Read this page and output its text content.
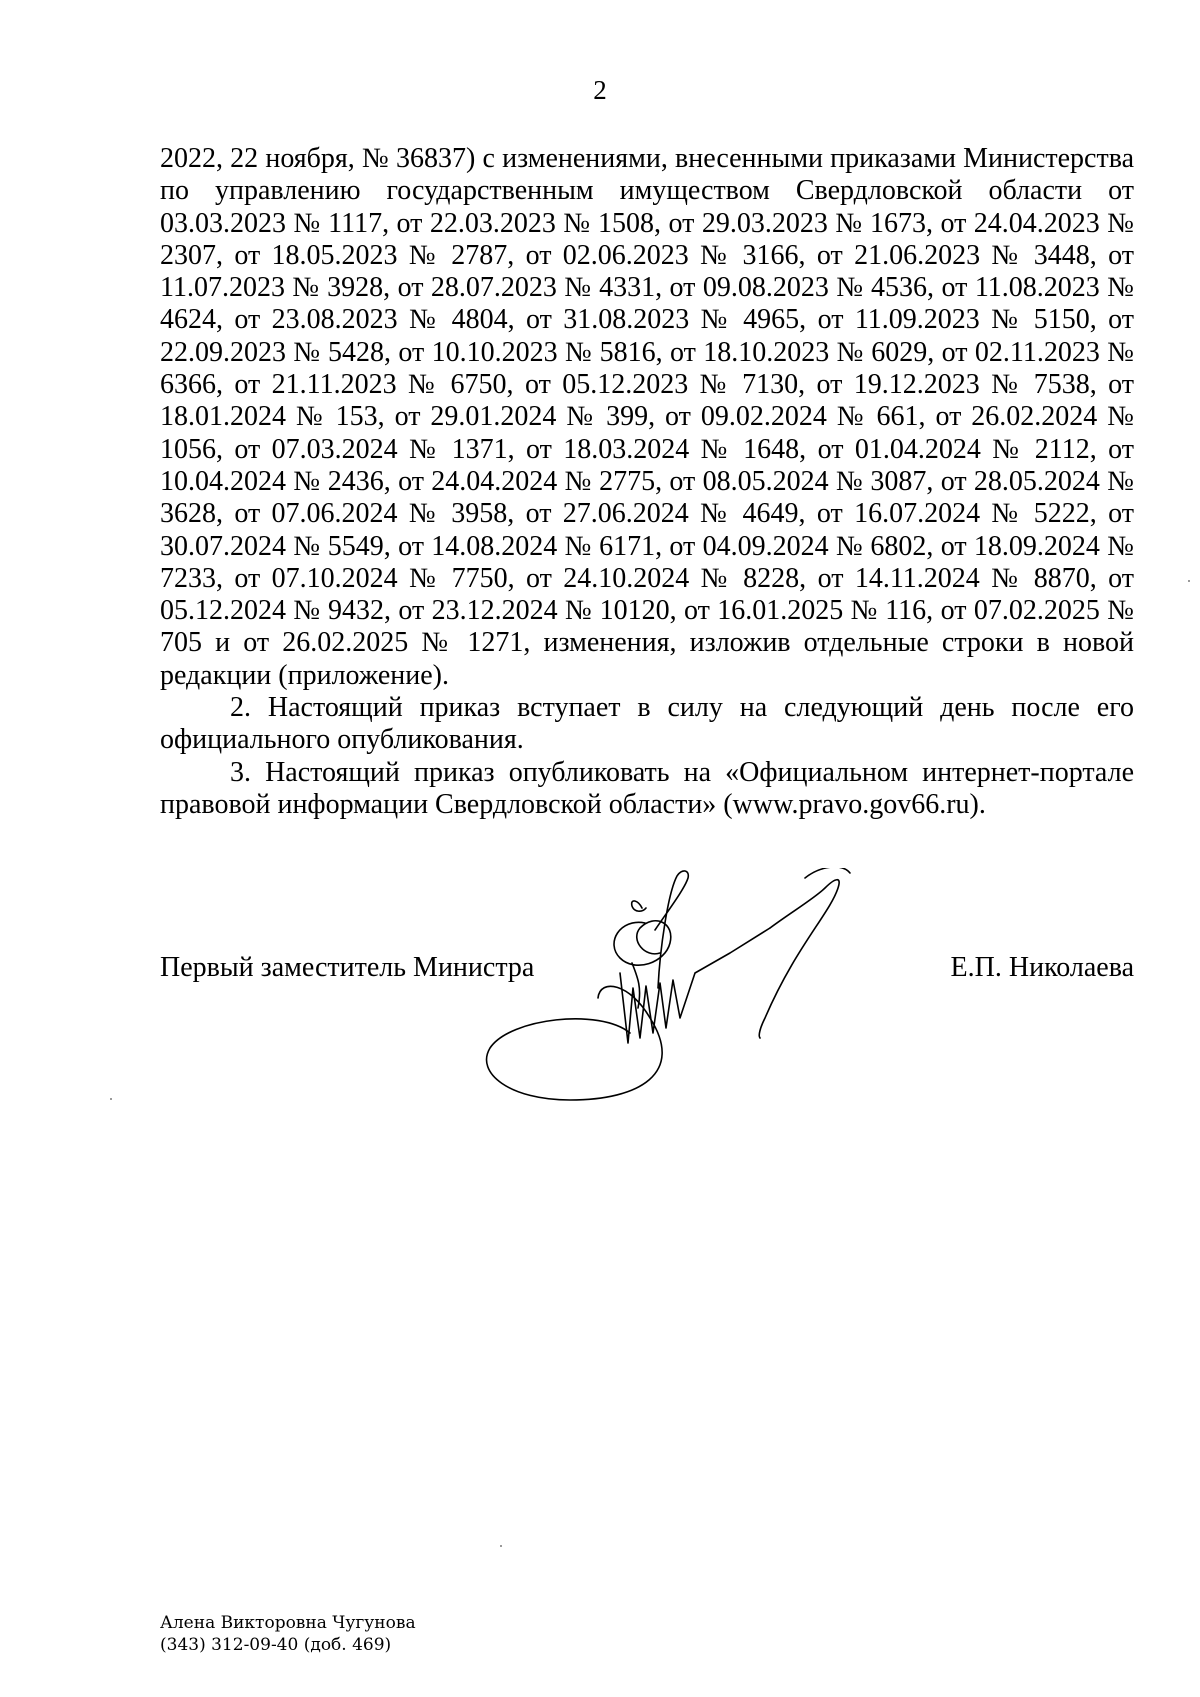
2

2022, 22 ноября, № 36837) с изменениями, внесенными приказами Министерства по управлению государственным имуществом Свердловской области от 03.03.2023 № 1117, от 22.03.2023 № 1508, от 29.03.2023 № 1673, от 24.04.2023 № 2307, от 18.05.2023 № 2787, от 02.06.2023 № 3166, от 21.06.2023 № 3448, от 11.07.2023 № 3928, от 28.07.2023 № 4331, от 09.08.2023 № 4536, от 11.08.2023 № 4624, от 23.08.2023 № 4804, от 31.08.2023 № 4965, от 11.09.2023 № 5150, от 22.09.2023 № 5428, от 10.10.2023 № 5816, от 18.10.2023 № 6029, от 02.11.2023 № 6366, от 21.11.2023 № 6750, от 05.12.2023 № 7130, от 19.12.2023 № 7538, от 18.01.2024 № 153, от 29.01.2024 № 399, от 09.02.2024 № 661, от 26.02.2024 № 1056, от 07.03.2024 № 1371, от 18.03.2024 № 1648, от 01.04.2024 № 2112, от 10.04.2024 № 2436, от 24.04.2024 № 2775, от 08.05.2024 № 3087, от 28.05.2024 № 3628, от 07.06.2024 № 3958, от 27.06.2024 № 4649, от 16.07.2024 № 5222, от 30.07.2024 № 5549, от 14.08.2024 № 6171, от 04.09.2024 № 6802, от 18.09.2024 № 7233, от 07.10.2024 № 7750, от 24.10.2024 № 8228, от 14.11.2024 № 8870, от 05.12.2024 № 9432, от 23.12.2024 № 10120, от 16.01.2025 № 116, от 07.02.2025 № 705 и от 26.02.2025 № 1271, изменения, изложив отдельные строки в новой редакции (приложение).

2. Настоящий приказ вступает в силу на следующий день после его официального опубликования.

3. Настоящий приказ опубликовать на «Официальном интернет-портале правовой информации Свердловской области» (www.pravo.gov66.ru).

Первый заместитель Министра	Е.П. Николаева
Алена Викторовна Чугунова
(343) 312-09-40 (доб. 469)
